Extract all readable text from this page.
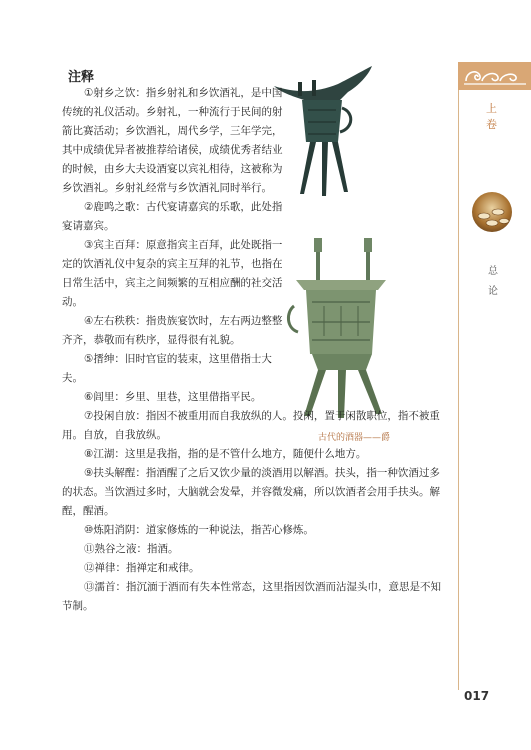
上 卷
总
论
注释
古代的酒器——爵

①射乡之饮：指乡射礼和乡饮酒礼，是中国传统的礼仪活动。乡射礼，一种流行于民间的射箭比赛活动；乡饮酒礼，周代乡学，三年学完，其中成绩优异者被推荐给诸侯，成绩优秀者结业的时候，由乡大夫设酒宴以宾礼相待，这被称为乡饮酒礼。乡射礼经常与乡饮酒礼同时举行。

②鹿鸣之歌：古代宴请嘉宾的乐歌，此处指宴请嘉宾。

③宾主百拜：原意指宾主百拜，此处既指一定的饮酒礼仪中复杂的宾主互拜的礼节，也指在日常生活中，宾主之间频繁的互相应酬的社交活动。

④左右秩秩：指贵族宴饮时，左右两边整整齐齐，恭敬而有秩序，显得很有礼貌。

⑤搢绅：旧时官宦的装束，这里借指士大夫。

⑥闾里：乡里、里巷，这里借指平民。

⑦投闲自放：指因不被重用而自我放纵的人。投闲，置于闲散职位，指不被重用。自放，自我放纵。

⑧江湖：这里是我指，指的是不管什么地方，随便什么地方。

⑨扶头解酲：指酒醒了之后又饮少量的淡酒用以解酒。扶头，指一种饮酒过多的状态。当饮酒过多时，大脑就会发晕，并容微发痛，所以饮酒者会用手扶头。解酲，醒酒。

⑩炼阳消阴：道家修炼的一种说法，指苦心修炼。

⑪熟谷之液：指酒。

⑫禅律：指禅定和戒律。

⑬濡首：指沉湎于酒而有失本性常态，这里指因饮酒而沾湿头巾，意思是不知节制。

017
